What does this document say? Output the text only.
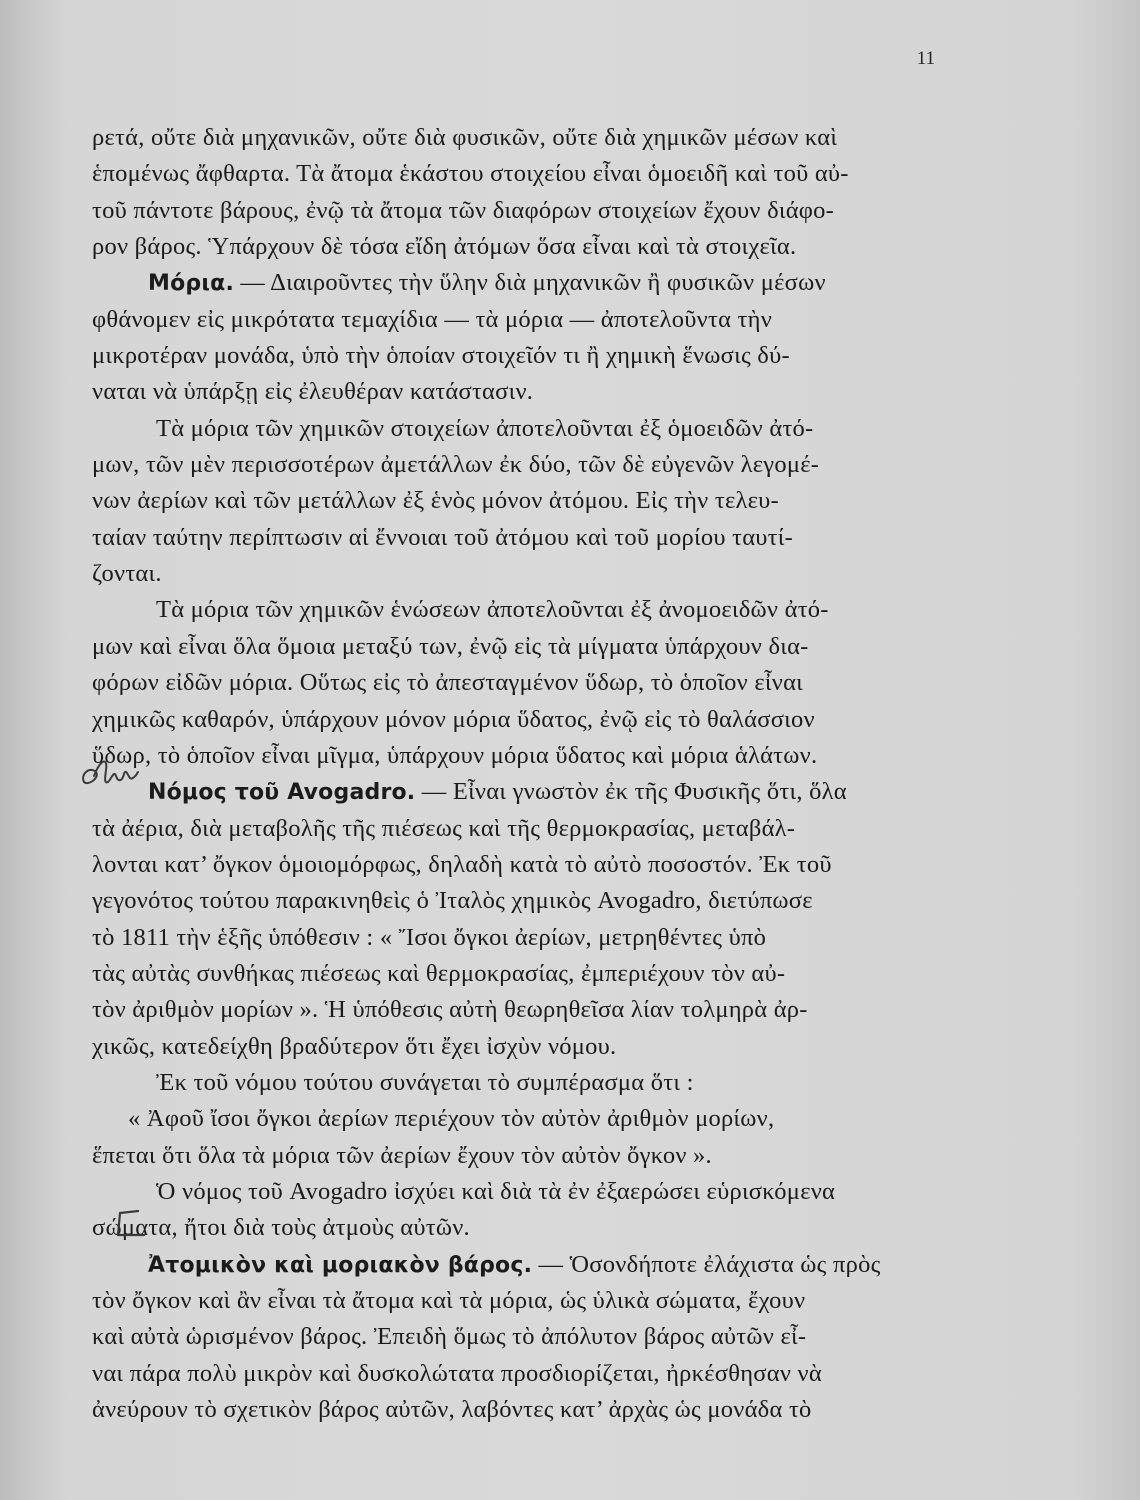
11
ρετά, οὔτε διὰ μηχανικῶν, οὔτε διὰ φυσικῶν, οὔτε διὰ χημικῶν μέσων καὶ
ἑπομένως ἄφθαρτα. Τὰ ἄτομα ἑκάστου στοιχείου εἶναι ὁμοειδῆ καὶ τοῦ αὐ-
τοῦ πάντοτε βάρους, ἐνῷ τὰ ἄτομα τῶν διαφόρων στοιχείων ἔχουν διάφο-
ρον βάρος. Ὑπάρχουν δὲ τόσα εἴδη ἀτόμων ὅσα εἶναι καὶ τὰ στοιχεῖα.
Μόρια. — Διαιροῦντες τὴν ὕλην διὰ μηχανικῶν ἢ φυσικῶν μέσων
φθάνομεν εἰς μικρότατα τεμαχίδια — τὰ μόρια — ἀποτελοῦντα τὴν
μικροτέραν μονάδα, ὑπὸ τὴν ὁποίαν στοιχεῖόν τι ἢ χημικὴ ἕνωσις δύ-
ναται νὰ ὑπάρξῃ εἰς ἐλευθέραν κατάστασιν.
Τὰ μόρια τῶν χημικῶν στοιχείων ἀποτελοῦνται ἐξ ὁμοειδῶν ἀτό-
μων, τῶν μὲν περισσοτέρων ἀμετάλλων ἐκ δύο, τῶν δὲ εὐγενῶν λεγομέ-
νων ἀερίων καὶ τῶν μετάλλων ἐξ ἑνὸς μόνον ἀτόμου. Εἰς τὴν τελευ-
ταίαν ταύτην περίπτωσιν αἱ ἔννοιαι τοῦ ἀτόμου καὶ τοῦ μορίου ταυτί-
ζονται.
Τὰ μόρια τῶν χημικῶν ἑνώσεων ἀποτελοῦνται ἐξ ἀνομοειδῶν ἀτό-
μων καὶ εἶναι ὅλα ὅμοια μεταξύ των, ἐνῷ εἰς τὰ μίγματα ὑπάρχουν δια-
φόρων εἰδῶν μόρια. Οὕτως εἰς τὸ ἀπεσταγμένον ὕδωρ, τὸ ὁποῖον εἶναι
χημικῶς καθαρόν, ὑπάρχουν μόνον μόρια ὕδατος, ἐνῷ εἰς τὸ θαλάσσιον
ὕδωρ, τὸ ὁποῖον εἶναι μῖγμα, ὑπάρχουν μόρια ὕδατος καὶ μόρια ἁλάτων.
Νόμος τοῦ Avogadro. — Εἶναι γνωστὸν ἐκ τῆς Φυσικῆς ὅτι, ὅλα
τὰ ἀέρια, διὰ μεταβολῆς τῆς πιέσεως καὶ τῆς θερμοκρασίας, μεταβάλ-
λονται κατ’ ὄγκον ὁμοιομόρφως, δηλαδὴ κατὰ τὸ αὐτὸ ποσοστόν. Ἐκ τοῦ
γεγονότος τούτου παρακινηθεὶς ὁ Ἰταλὸς χημικὸς Avogadro, διετύπωσε
τὸ 1811 τὴν ἑξῆς ὑπόθεσιν : « Ἴσοι ὄγκοι ἀερίων, μετρηθέντες ὑπὸ
τὰς αὐτὰς συνθήκας πιέσεως καὶ θερμοκρασίας, ἐμπεριέχουν τὸν αὐ-
τὸν ἀριθμὸν μορίων ». Ἡ ὑπόθεσις αὐτὴ θεωρηθεῖσα λίαν τολμηρὰ ἀρ-
χικῶς, κατεδείχθη βραδύτερον ὅτι ἔχει ἰσχὺν νόμου.
Ἐκ τοῦ νόμου τούτου συνάγεται τὸ συμπέρασμα ὅτι :
« Ἀφοῦ ἴσοι ὄγκοι ἀερίων περιέχουν τὸν αὐτὸν ἀριθμὸν μορίων,
ἕπεται ὅτι ὅλα τὰ μόρια τῶν ἀερίων ἔχουν τὸν αὐτὸν ὄγκον ».
Ὁ νόμος τοῦ Avogadro ἰσχύει καὶ διὰ τὰ ἐν ἐξαερώσει εὑρισκόμενα
σώματα, ἤτοι διὰ τοὺς ἀτμοὺς αὐτῶν.
Ἀτομικὸν καὶ μοριακὸν βάρος. — Ὁσονδήποτε ἐλάχιστα ὡς πρὸς
τὸν ὄγκον καὶ ἂν εἶναι τὰ ἄτομα καὶ τὰ μόρια, ὡς ὑλικὰ σώματα, ἔχουν
καὶ αὐτὰ ὡρισμένον βάρος. Ἐπειδὴ ὅμως τὸ ἀπόλυτον βάρος αὐτῶν εἶ-
ναι πάρα πολὺ μικρὸν καὶ δυσκολώτατα προσδιορίζεται, ἠρκέσθησαν νὰ
ἀνεύρουν τὸ σχετικὸν βάρος αὐτῶν, λαβόντες κατ’ ἀρχὰς ὡς μονάδα τὸ
